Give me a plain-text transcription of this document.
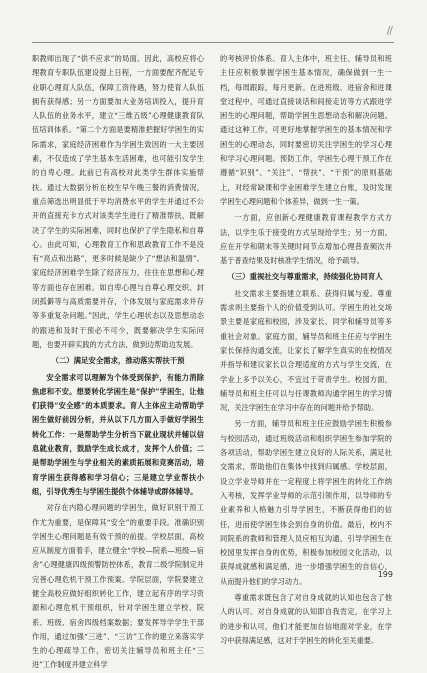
//

职教师出现了“供不应求”的局面。因此，高校应将心理教育专职队伍建设提上日程，一方面要配齐配足专业职心理育人队伍，保障工资待遇，努力使育人队伍拥有获得感；另一方面要加大业务培训投入，提升育人队伍的业务水平，建立“三维五级”心理健康教育队伍培训体系。“第二个方面是要精准把握好学困生的实际需求，家庭经济困难作为学困生致因的一大主要因素，不仅造成了学生基本生活困难，也可能引发学生的自卑心理。此前已有高校对此类学生群体实施帮扶。通过大数据分析在校生早午晚三餐的消费情况，重点筛选出明显低于平均消费水平的学生并通过不公开的直接充卡方式对该类学生进行了精准帮扶，既解决了学生的实际困难，同时也保护了学生隐私和自尊心。由此可知，心理教育工作和思政教育工作不是没有“亮点和出路”，更多时候是缺少了“想法和温情”。家庭经济困难学生除了经济压力，往往在思想和心理等方面也存在困难。如自卑心理与自尊心理交织、封闭孤僻等与高质需要并存，个体发展与家庭需求并存等多重复杂问题。”因此，学生心理状态以及思想动态的跟进和及时干预必不可少，既要解决学生实际问题，也要开辟实践的方式方法，做到边帮助边发展。

（二）满足安全需求，推动落实帮扶干预

安全需求可以理解为个体受到保护，有能力消除焦虑和不安。想要转化学困生是“保护”学困生，让他们获得“安全感”的本质要求。育人主体应主动帮助学困生做好前因分析，并从以下几方面入手做好学困生转化工作：一是帮助学生分析当下就业现状并辅以信息就业教育，鼓励学生成长成才，发挥个人价值；二是帮助学困生与学业相关的素质拓展和竞赛活动，培育学困生获得感和学习信心；三是建立学业帮扶小组，引导优秀生与学困生提供个体辅导或群体辅导。

对存在内隐心理问题的学困生，做好识别干预工作尤为重要，是保障其“安全”的重要手段。准确识别学困生心理问题是有效干预的前提。学校层面，高校应从制度方面着手，建立健全“学校—院系—班级—宿舍”心理健康四级预警防控体系，教育二级学院制定并完善心理危机干预工作预案。学院层面，学院要建立健全高校应做好组织转化工作，建立起有序的学习资源和心理危机干预组织，针对学困生建立学校、院系、班级、宿舍四级档案数据；要发挥导学学生干部作用，通过加强“三进”、“三访”工作的建立来落实学生的心理疏导工作，密切关注辅导员和班主任“三进”工作制度并建立科学

的考核评价体系。育人主体中，班主任、辅导员和班主任应积极掌握学困生基本情况，确保做到一生一档，每周跟踪，每月更新。在进班级、进宿舍和进课堂过程中，可通过直接谈话和间接走访等方式跟进学困生的心理问题，帮助学困生思想动态和解决问题。通过这种工作，可更好地掌握学困生的基本情况和学困生的心理动态，同时要密切关注学困生的学习心理和学习心理问题。预防工作，学困生心理干预工作在遵循“识别”、“关注”、“帮扶”、“干预”的原则基础上，对经常缺课和学业困难学生建立台账，及时发现学困生心理问题和个体差异，做到一生一策。

一方面，应创新心理健康教育课程教学方式方法，以学生乐于接受的方式呈现给学生；另一方面，应在开学和期末等关键时间节点增加心理普查频次并基于普查结果及时核准学生情况，给予疏导。

（三）重视社交与尊重需求，持续强化协同育人

社交需求主要指建立联系、获得归属与爱。尊重需求则主要指个人的价值受到认可。学困生的社交场景主要是家庭和校园，涉及家长、同学和辅导员等多重社会对象。家庭方面，辅导员和班主任应与学困生家长保持沟通交流，让家长了解学生真实的在校情况并指导和建议家长以合理适度的方式与学生交流，在学业上多予以关心，不宜过于苛责学生。校园方面，辅导员和班主任可以与任课教师沟通学困生的学习情况，关注学困生在学习中存在的问题并给予帮助。

另一方面，辅导员和班主任应鼓励学困生积极参与校园活动，通过班级活动和组织学困生参加学院的各项活动，帮助学困生建立良好的人际关系，满足社交需求，帮助他们在集体中找到归属感。学校层面，设立学业导师并在一定程度上将学困生的转化工作纳入考核，发挥学业导师的示范引领作用，以导师的专业素养和人格魅力引导学困生，不断获得他们的信任，进而使学困生体会到自身的价值。最后，校内不同院系的教师和管理人员应相互沟通，引导学困生在校园里发挥自身的优势，积极参加校园文化活动，以获得成就感和满足感，进一步增强学困生的自信心，从而提升他们的学习动力。

尊重需求既包含了对自身成就的认知也包含了他人的认可。对自身成就的认知即自我肯定，在学习上的进步和认可，他们才能更加自信地面对学业，在学习中获得满足感，这对于学困生的转化至关重要。

199
